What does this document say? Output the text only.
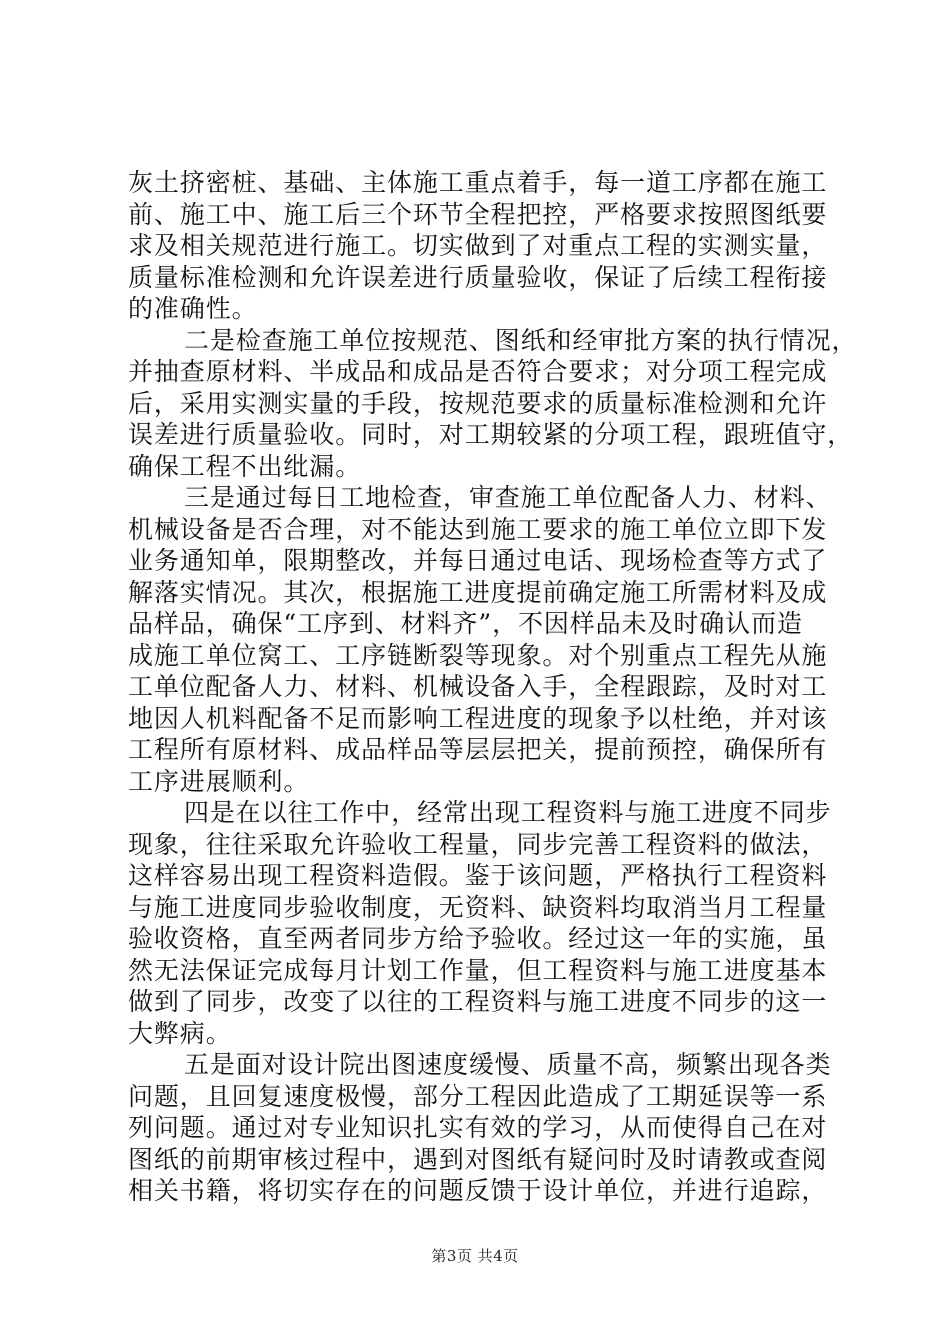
灰土挤密桩、基础、主体施工重点着手，每一道工序都在施工
前、施工中、施工后三个环节全程把控，严格要求按照图纸要
求及相关规范进行施工。切实做到了对重点工程的实测实量，
质量标准检测和允许误差进行质量验收，保证了后续工程衔接
的准确性。
二是检查施工单位按规范、图纸和经审批方案的执行情况，
并抽查原材料、半成品和成品是否符合要求；对分项工程完成
后，采用实测实量的手段，按规范要求的质量标准检测和允许
误差进行质量验收。同时，对工期较紧的分项工程，跟班值守，
确保工程不出纰漏。
三是通过每日工地检查，审查施工单位配备人力、材料、
机械设备是否合理，对不能达到施工要求的施工单位立即下发
业务通知单，限期整改，并每日通过电话、现场检查等方式了
解落实情况。其次，根据施工进度提前确定施工所需材料及成
品样品，确保“工序到、材料齐”，不因样品未及时确认而造
成施工单位窝工、工序链断裂等现象。对个别重点工程先从施
工单位配备人力、材料、机械设备入手，全程跟踪，及时对工
地因人机料配备不足而影响工程进度的现象予以杜绝，并对该
工程所有原材料、成品样品等层层把关，提前预控，确保所有
工序进展顺利。
四是在以往工作中，经常出现工程资料与施工进度不同步
现象，往往采取允许验收工程量，同步完善工程资料的做法，
这样容易出现工程资料造假。鉴于该问题，严格执行工程资料
与施工进度同步验收制度，无资料、缺资料均取消当月工程量
验收资格，直至两者同步方给予验收。经过这一年的实施，虽
然无法保证完成每月计划工作量，但工程资料与施工进度基本
做到了同步，改变了以往的工程资料与施工进度不同步的这一
大弊病。
五是面对设计院出图速度缓慢、质量不高，频繁出现各类
问题，且回复速度极慢，部分工程因此造成了工期延误等一系
列问题。通过对专业知识扎实有效的学习，从而使得自己在对
图纸的前期审核过程中，遇到对图纸有疑问时及时请教或查阅
相关书籍，将切实存在的问题反馈于设计单位，并进行追踪，
第3页 共4页
